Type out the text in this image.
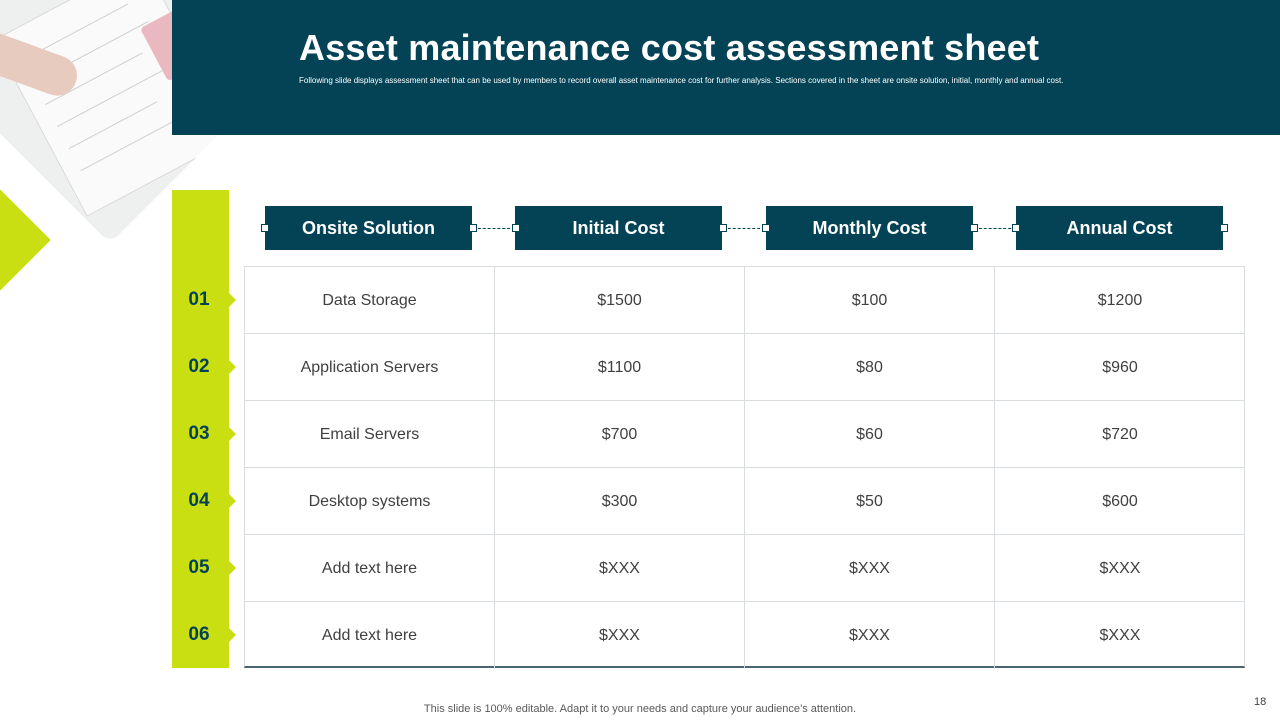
Asset maintenance cost assessment sheet
Following slide displays assessment sheet that can be used by members to record overall asset maintenance cost for further analysis. Sections covered in the sheet are onsite solution, initial, monthly and annual cost.
01
02
03
04
05
06
Onsite Solution	Initial Cost	Monthly Cost	Annual Cost
Data Storage	$1500	$100	$1200
Application Servers	$1100	$80	$960
Email Servers	$700	$60	$720
Desktop systems	$300	$50	$600
Add text here	$XXX	$XXX	$XXX
Add text here	$XXX	$XXX	$XXX
This slide is 100% editable. Adapt it to your needs and capture your audience’s attention.
18
